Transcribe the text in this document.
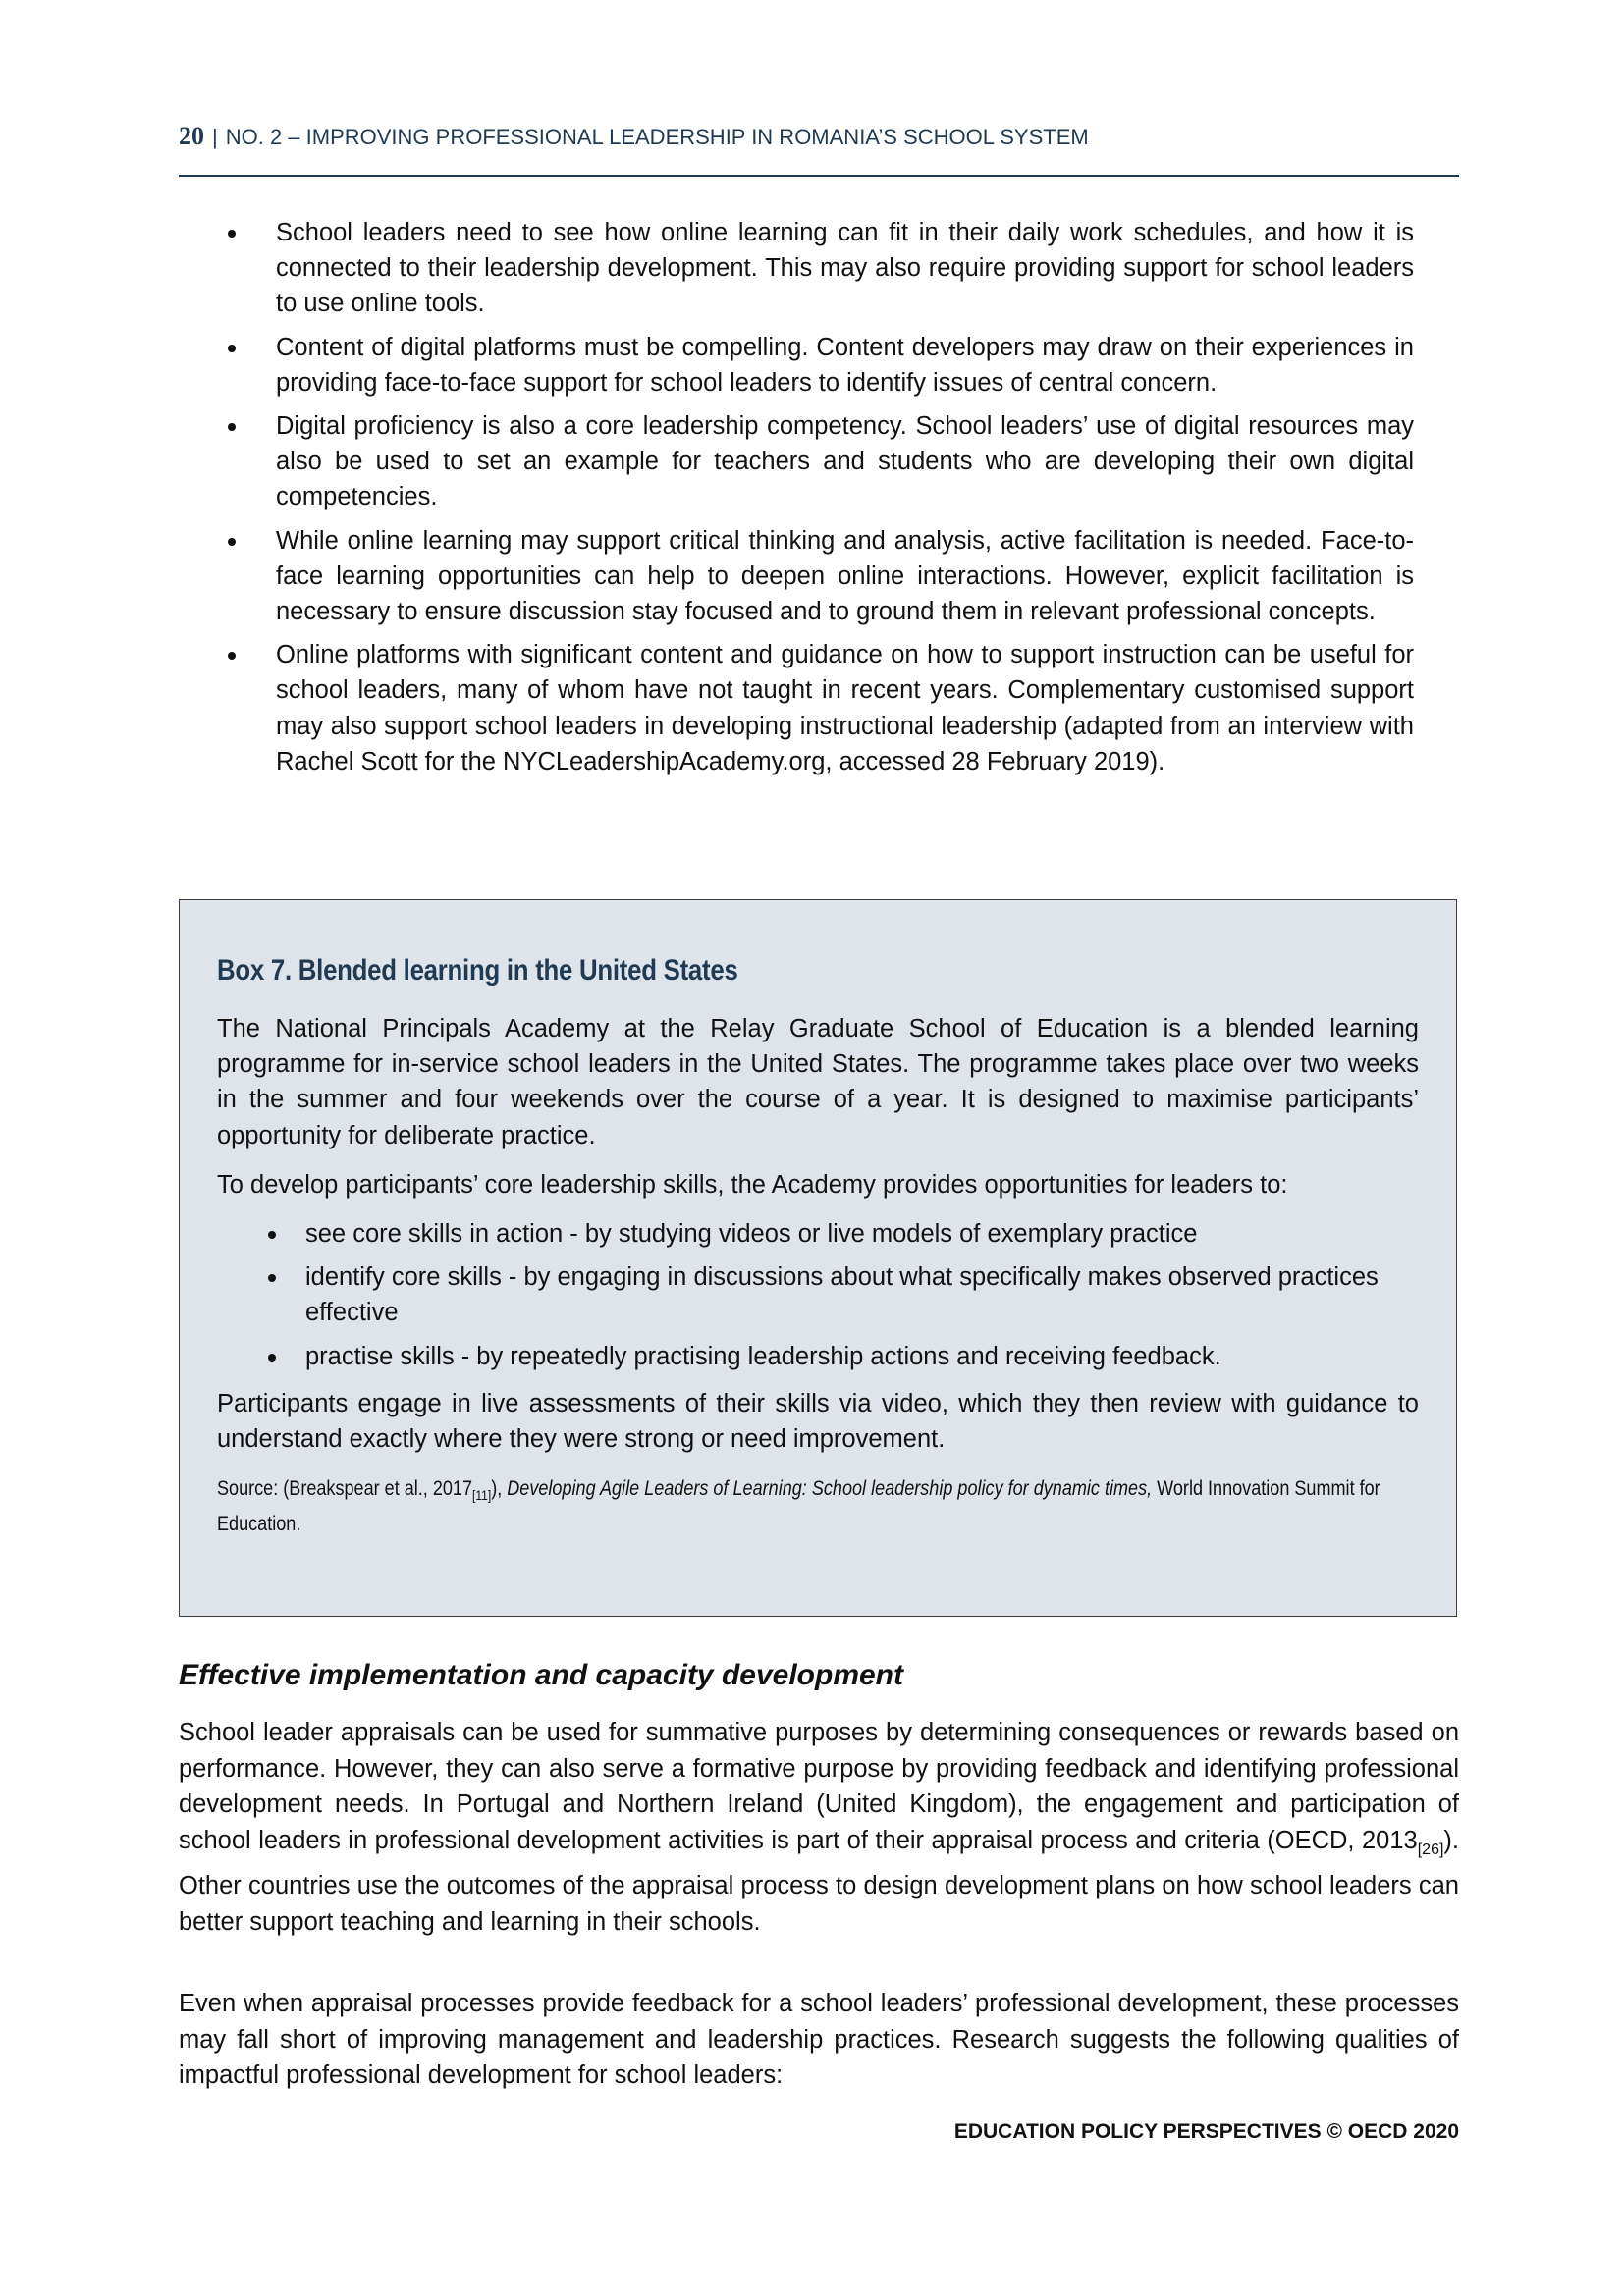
20 | NO. 2 – IMPROVING PROFESSIONAL LEADERSHIP IN ROMANIA’S SCHOOL SYSTEM
School leaders need to see how online learning can fit in their daily work schedules, and how it is connected to their leadership development. This may also require providing support for school leaders to use online tools.
Content of digital platforms must be compelling. Content developers may draw on their experiences in providing face-to-face support for school leaders to identify issues of central concern.
Digital proficiency is also a core leadership competency. School leaders’ use of digital resources may also be used to set an example for teachers and students who are developing their own digital competencies.
While online learning may support critical thinking and analysis, active facilitation is needed. Face-to-face learning opportunities can help to deepen online interactions. However, explicit facilitation is necessary to ensure discussion stay focused and to ground them in relevant professional concepts.
Online platforms with significant content and guidance on how to support instruction can be useful for school leaders, many of whom have not taught in recent years. Complementary customised support may also support school leaders in developing instructional leadership (adapted from an interview with Rachel Scott for the NYCLeadershipAcademy.org, accessed 28 February 2019).
Box 7. Blended learning in the United States

The National Principals Academy at the Relay Graduate School of Education is a blended learning programme for in-service school leaders in the United States. The programme takes place over two weeks in the summer and four weekends over the course of a year. It is designed to maximise participants’ opportunity for deliberate practice.

To develop participants’ core leadership skills, the Academy provides opportunities for leaders to:

see core skills in action - by studying videos or live models of exemplary practice
identify core skills - by engaging in discussions about what specifically makes observed practices effective
practise skills - by repeatedly practising leadership actions and receiving feedback.

Participants engage in live assessments of their skills via video, which they then review with guidance to understand exactly where they were strong or need improvement.

Source: (Breakspear et al., $2017_{[11]}$), Developing Agile Leaders of Learning: School leadership policy for dynamic times, World Innovation Summit for Education.
Effective implementation and capacity development

School leader appraisals can be used for summative purposes by determining consequences or rewards based on performance. However, they can also serve a formative purpose by providing feedback and identifying professional development needs. In Portugal and Northern Ireland (United Kingdom), the engagement and participation of school leaders in professional development activities is part of their appraisal process and criteria (OECD, $2013_{[26]}$). Other countries use the outcomes of the appraisal process to design development plans on how school leaders can better support teaching and learning in their schools.

Even when appraisal processes provide feedback for a school leaders’ professional development, these processes may fall short of improving management and leadership practices. Research suggests the following qualities of impactful professional development for school leaders:

EDUCATION POLICY PERSPECTIVES © OECD 2020
